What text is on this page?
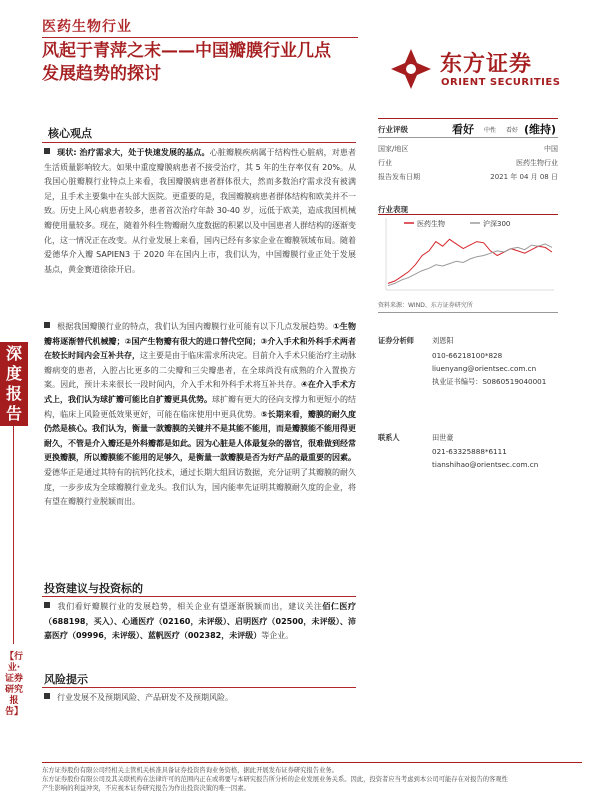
医药生物行业
风起于青萍之末——中国瓣膜行业几点
发展趋势的探讨	东方证券
ORIENT SECURITIES
深
度
报
告
【行业·证券研究报告】
核心观点
现状: 治疗需求大，处于快速发展的基点。心脏瓣膜疾病属于结构性心脏病，对患者生活质量影响较大。如果中重度瓣膜病患者不接受治疗，其 5 年的生存率仅有 20%。从我国心脏瓣膜行业特点上来看，我国瓣膜病患者群体很大，然而多数治疗需求没有被满足，且手术主要集中在头部大医院。更重要的是，我国瓣膜病患者群体结构和欧美并不一致。历史上风心病患者较多，患者首次治疗年龄 30-40 岁，远低于欧美，造成我国机械瓣使用量较多。现在，随着外科生物瓣耐久度数据的积累以及中国患者人群结构的逐渐变化，这一情况正在改变。从行业发展上来看，国内已经有多家企业在瓣膜领域布局。随着爱德华介入瓣 SAPIEN3 于 2020 年在国内上市，我们认为，中国瓣膜行业正处于发展基点，黄金赛道徐徐开启。
根据我国瓣膜行业的特点，我们认为国内瓣膜行业可能有以下几点发展趋势。①生物瓣将逐渐替代机械瓣；②国产生物瓣有很大的进口替代空间；③介入手术和外科手术两者在较长时间内会互补共存，这主要是由于临床需求所决定。目前介入手术只能治疗主动脉瓣病变的患者，入腔占比更多的二尖瓣和三尖瓣患者，在全球尚没有成熟的介入置换方案。因此，预计未来很长一段时间内，介入手术和外科手术将互补共存。④在介入手术方式上，我们认为球扩瓣可能比自扩瓣更具优势。球扩瓣有更大的径向支撑力和更短小的结构，临床上风险更低效果更好，可能在临床使用中更具优势。⑤长期来看，瓣膜的耐久度仍然是核心。我们认为，衡量一款瓣膜的关键并不是其能不能用，而是瓣膜能不能用得更耐久，不管是介入瓣还是外科瓣都是如此。因为心脏是人体最复杂的器官，很难做到经常更换瓣膜，所以瓣膜能不能用的足够久，是衡量一款瓣膜是否为好产品的最重要的因素。爱德华正是通过其特有的抗钙化技术，通过长期大组回访数据，充分证明了其瓣膜的耐久度，一步步成为全球瓣膜行业龙头。我们认为，国内能率先证明其瓣膜耐久度的企业，将有望在瓣膜行业脱颖而出。
投资建议与投资标的
我们看好瓣膜行业的发展趋势，相关企业有望逐渐脱颖而出，建议关注佰仁医疗（688198，买入）、心通医疗（02160，未评级）、启明医疗（02500，未评级）、沛嘉医疗（09996，未评级）、蓝帆医疗（002382，未评级）等企业。
风险提示
行业发展不及预期风险、产品研发不及预期风险。
行业评级	看好 中性 看好 (维持)
国家/地区	中国
行业	医药生物行业
报告发布日期	2021 年 04 月 08 日
行业表现
医药生物	沪深300
资料来源：WIND、东方证券研究所
证券分析师	刘恩阳
010-66218100*828
liuenyang@orientsec.com.cn
执业证书编号：S0860519040001
联系人	田世豪
021-63325888*6111
tianshihao@orientsec.com.cn
东方证券股份有限公司经相关主管机关核准具备证券投资咨询业务资格，据此开展发布证券研究报告业务。
东方证券股份有限公司及其关联机构在法律许可的范围内正在或将要与本研究报告所分析的企业发展业务关系。因此，投资者应当考虑到本公司可能存在对报告的客观性
产生影响的利益冲突，不应视本证券研究报告为作出投资决策的唯一因素。
